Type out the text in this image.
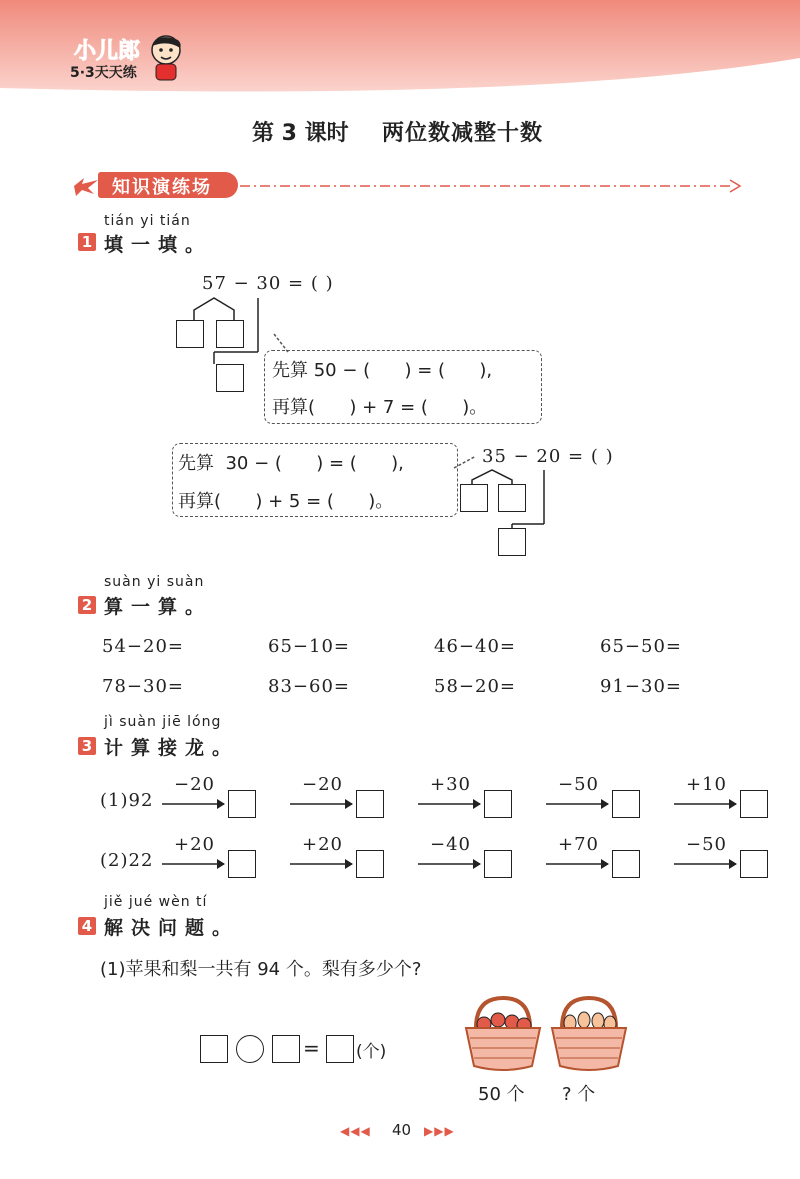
小儿郎
5·3天天练
第 3 课时 两位数减整十数
知识演练场
tián yi tián
1 填一填。
57 − 30 = ( )
先算 50 − (      ) = (      ),
再算(      ) + 7 = (      )。
先算  30 − (      ) = (      ),
再算(      ) + 5 = (      )。
35 − 20 = ( )
suàn yi suàn
2 算一算。
54−20=	65−10=	46−40=	65−50=
78−30=	83−60=	58−20=	91−30=
jì suàn jiē lóng
3 计算接龙。
(1)92
−20	−20	+30	−50	+10
(2)22
+20	+20	−40	+70	−50
jiě jué wèn tí
4 解决问题。
(1)苹果和梨一共有 94 个。梨有多少个?
= (个)
50 个 ? 个
◀◀◀ 40 ▶▶▶
